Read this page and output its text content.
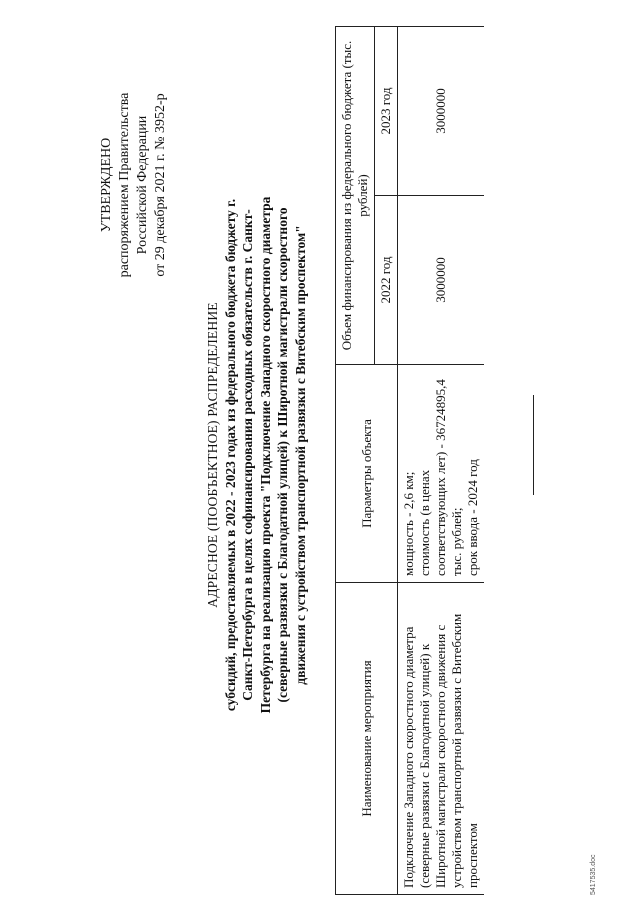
УТВЕРЖДЕНО распоряжением Правительства Российской Федерации от 29 декабря 2021 г. № 3952-р
АДРЕСНОЕ (ПООБЪЕКТНОЕ) РАСПРЕДЕЛЕНИЕ субсидий, предоставляемых в 2022 - 2023 годах из федерального бюджета бюджету г. Санкт-Петербурга в целях софинансирования расходных обязательств г. Санкт-Петербурга на реализацию проекта "Подключение Западного скоростного диаметра (северные развязки с Благодатной улицей) к Широтной магистрали скоростного движения с устройством транспортной развязки с Витебским проспектом"
Наименование мероприятия	Параметры объекта	Объем финансирования из федерального бюджета (тыс. рублей)	
		2022 год	2023 год
Подключение Западного скоростного диаметра (северные развязки с Благодатной улицей) к Широтной магистрали скоростного движения с устройством транспортной развязки с Витебским проспектом	мощность - 2,6 км; стоимость (в ценах соответствующих лет) - 36724895,4 тыс. рублей; срок ввода - 2024 год	3000000	3000000
5417535.doc
